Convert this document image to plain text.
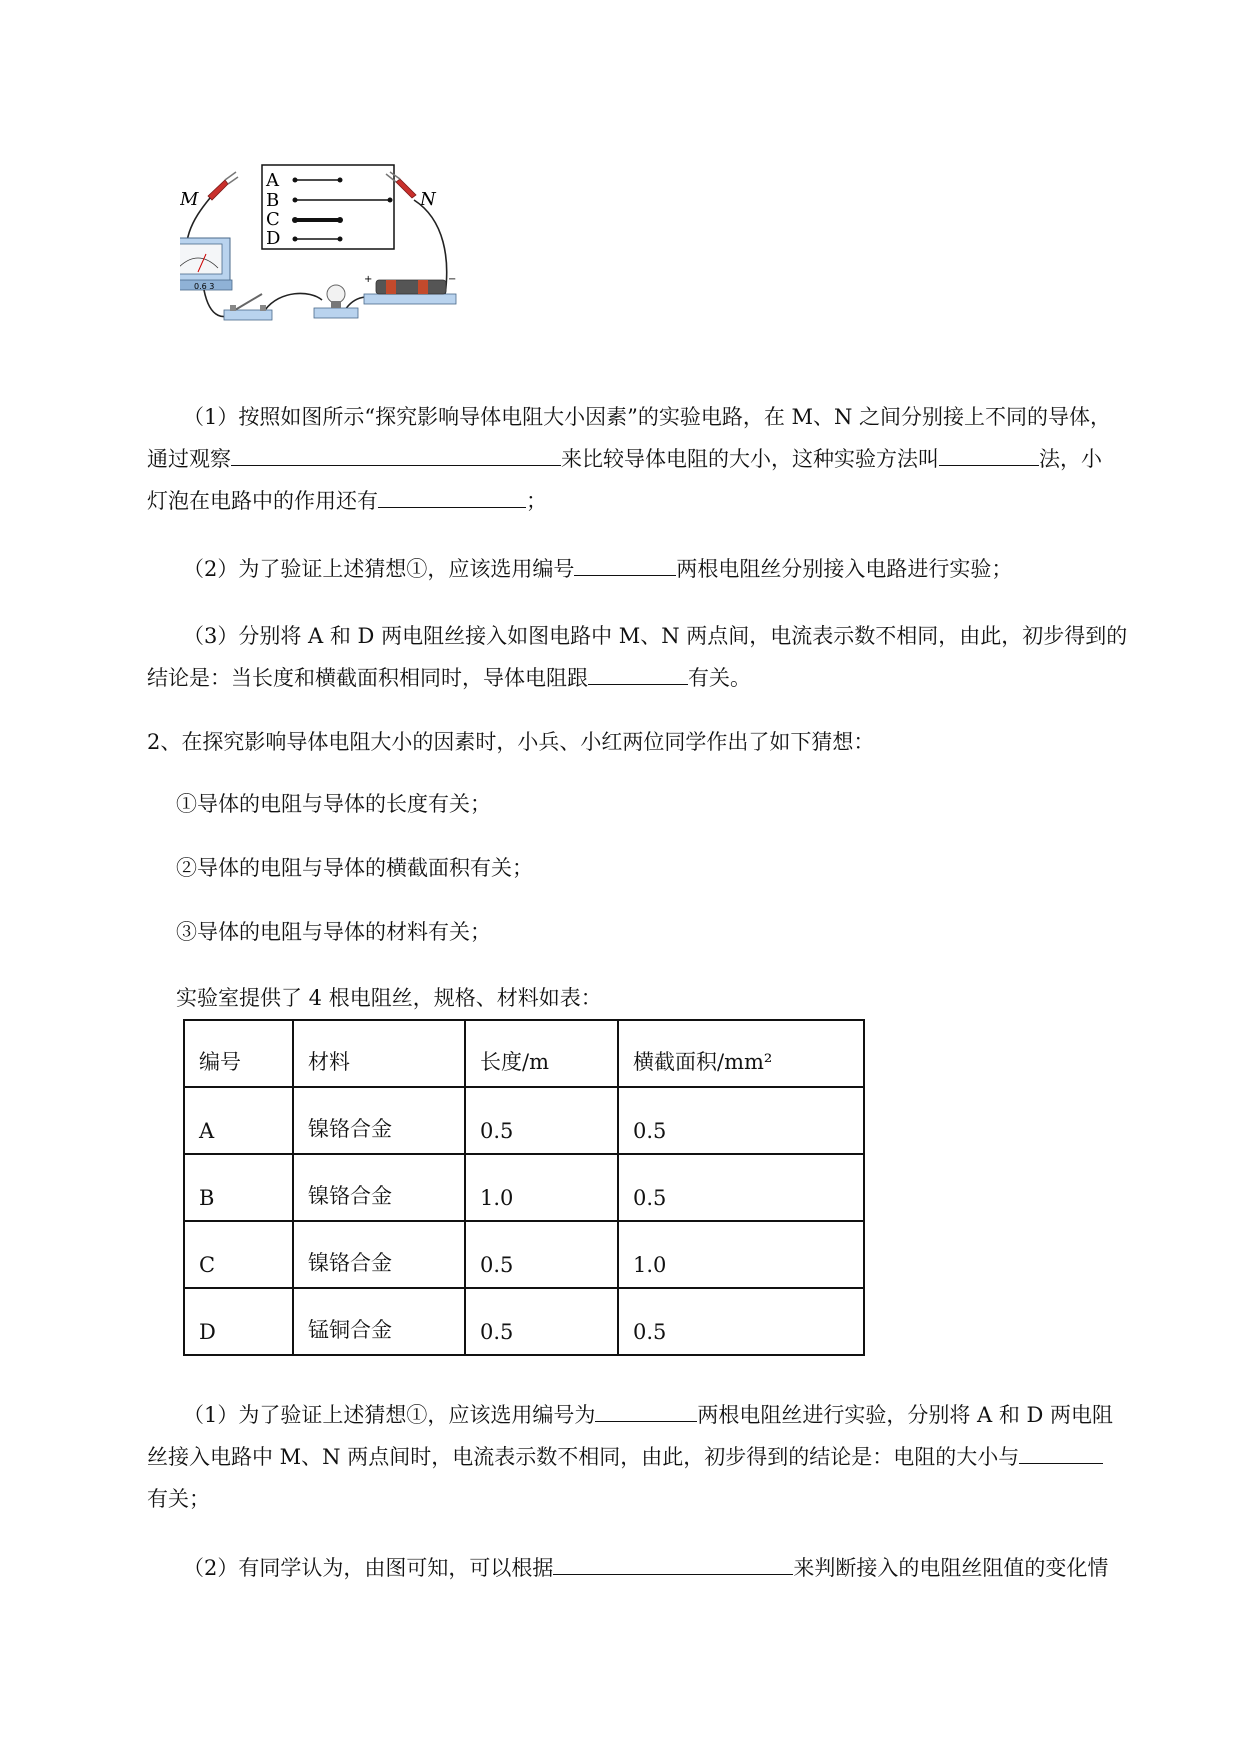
A
B
C
D
M	N
0.6 3
+	−
（1）按照如图所示“探究影响导体电阻大小因素”的实验电路，在 M、N 之间分别接上不同的导体，
通过观察	来比较导体电阻的大小，这种实验方法叫	法，小
灯泡在电路中的作用还有	；
（2）为了验证上述猜想①，应该选用编号	两根电阻丝分别接入电路进行实验；
（3）分别将 A 和 D 两电阻丝接入如图电路中 M、N 两点间，电流表示数不相同，由此，初步得到的
结论是：当长度和横截面积相同时，导体电阻跟	有关。
2、在探究影响导体电阻大小的因素时，小兵、小红两位同学作出了如下猜想：
①导体的电阻与导体的长度有关；
②导体的电阻与导体的横截面积有关；
③导体的电阻与导体的材料有关；
实验室提供了 4 根电阻丝，规格、材料如表：
编号	材料	长度/m	横截面积/mm²
A	镍铬合金	0.5	0.5
B	镍铬合金	1.0	0.5
C	镍铬合金	0.5	1.0
D	锰铜合金	0.5	0.5
（1）为了验证上述猜想①，应该选用编号为	两根电阻丝进行实验，分别将 A 和 D 两电阻
丝接入电路中 M、N 两点间时，电流表示数不相同，由此，初步得到的结论是：电阻的大小与
有关；
（2）有同学认为，由图可知，可以根据	来判断接入的电阻丝阻值的变化情
